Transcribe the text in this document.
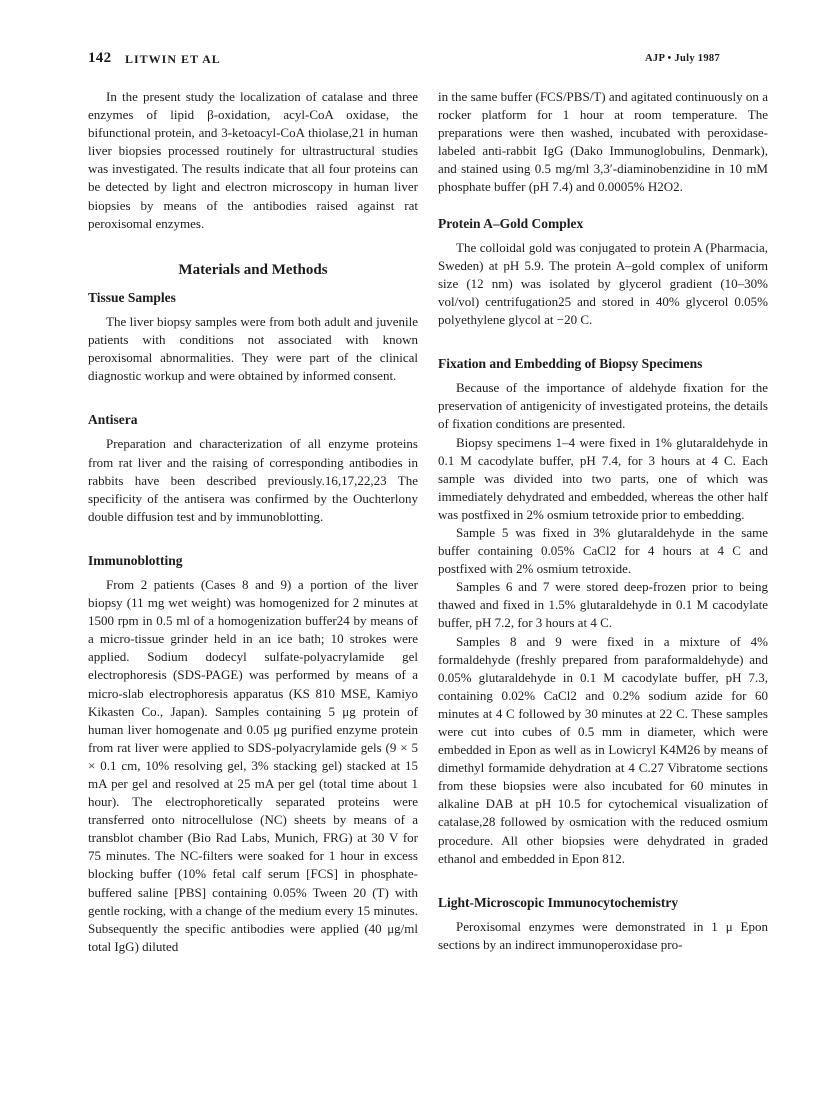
142 LITWIN ET AL	AJP • July 1987

In the present study the localization of catalase and three enzymes of lipid β-oxidation, acyl-CoA oxidase, the bifunctional protein, and 3-ketoacyl-CoA thiolase,21 in human liver biopsies processed routinely for ultrastructural studies was investigated. The results indicate that all four proteins can be detected by light and electron microscopy in human liver biopsies by means of the antibodies raised against rat peroxisomal enzymes.

Materials and Methods
Tissue Samples

The liver biopsy samples were from both adult and juvenile patients with conditions not associated with known peroxisomal abnormalities. They were part of the clinical diagnostic workup and were obtained by informed consent.

Antisera

Preparation and characterization of all enzyme proteins from rat liver and the raising of corresponding antibodies in rabbits have been described previously.16,17,22,23 The specificity of the antisera was confirmed by the Ouchterlony double diffusion test and by immunoblotting.

Immunoblotting

From 2 patients (Cases 8 and 9) a portion of the liver biopsy (11 mg wet weight) was homogenized for 2 minutes at 1500 rpm in 0.5 ml of a homogenization buffer24 by means of a micro-tissue grinder held in an ice bath; 10 strokes were applied. Sodium dodecyl sulfate-polyacrylamide gel electrophoresis (SDS-PAGE) was performed by means of a micro-slab electrophoresis apparatus (KS 810 MSE, Kamiyo Kikasten Co., Japan). Samples containing 5 μg protein of human liver homogenate and 0.05 μg purified enzyme protein from rat liver were applied to SDS-polyacrylamide gels (9 × 5 × 0.1 cm, 10% resolving gel, 3% stacking gel) stacked at 15 mA per gel and resolved at 25 mA per gel (total time about 1 hour). The electrophoretically separated proteins were transferred onto nitrocellulose (NC) sheets by means of a transblot chamber (Bio Rad Labs, Munich, FRG) at 30 V for 75 minutes. The NC-filters were soaked for 1 hour in excess blocking buffer (10% fetal calf serum [FCS] in phosphate-buffered saline [PBS] containing 0.05% Tween 20 (T) with gentle rocking, with a change of the medium every 15 minutes. Subsequently the specific antibodies were applied (40 μg/ml total IgG) diluted

in the same buffer (FCS/PBS/T) and agitated continuously on a rocker platform for 1 hour at room temperature. The preparations were then washed, incubated with peroxidase-labeled anti-rabbit IgG (Dako Immunoglobulins, Denmark), and stained using 0.5 mg/ml 3,3′-diaminobenzidine in 10 mM phosphate buffer (pH 7.4) and 0.0005% H2O2.

Protein A–Gold Complex

The colloidal gold was conjugated to protein A (Pharmacia, Sweden) at pH 5.9. The protein A–gold complex of uniform size (12 nm) was isolated by glycerol gradient (10–30% vol/vol) centrifugation25 and stored in 40% glycerol 0.05% polyethylene glycol at −20 C.

Fixation and Embedding of Biopsy Specimens

Because of the importance of aldehyde fixation for the preservation of antigenicity of investigated proteins, the details of fixation conditions are presented.

Biopsy specimens 1–4 were fixed in 1% glutaraldehyde in 0.1 M cacodylate buffer, pH 7.4, for 3 hours at 4 C. Each sample was divided into two parts, one of which was immediately dehydrated and embedded, whereas the other half was postfixed in 2% osmium tetroxide prior to embedding.

Sample 5 was fixed in 3% glutaraldehyde in the same buffer containing 0.05% CaCl2 for 4 hours at 4 C and postfixed with 2% osmium tetroxide.

Samples 6 and 7 were stored deep-frozen prior to being thawed and fixed in 1.5% glutaraldehyde in 0.1 M cacodylate buffer, pH 7.2, for 3 hours at 4 C.

Samples 8 and 9 were fixed in a mixture of 4% formaldehyde (freshly prepared from paraformaldehyde) and 0.05% glutaraldehyde in 0.1 M cacodylate buffer, pH 7.3, containing 0.02% CaCl2 and 0.2% sodium azide for 60 minutes at 4 C followed by 30 minutes at 22 C. These samples were cut into cubes of 0.5 mm in diameter, which were embedded in Epon as well as in Lowicryl K4M26 by means of dimethyl formamide dehydration at 4 C.27 Vibratome sections from these biopsies were also incubated for 60 minutes in alkaline DAB at pH 10.5 for cytochemical visualization of catalase,28 followed by osmication with the reduced osmium procedure. All other biopsies were dehydrated in graded ethanol and embedded in Epon 812.

Light-Microscopic Immunocytochemistry

Peroxisomal enzymes were demonstrated in 1 μ Epon sections by an indirect immunoperoxidase pro-
